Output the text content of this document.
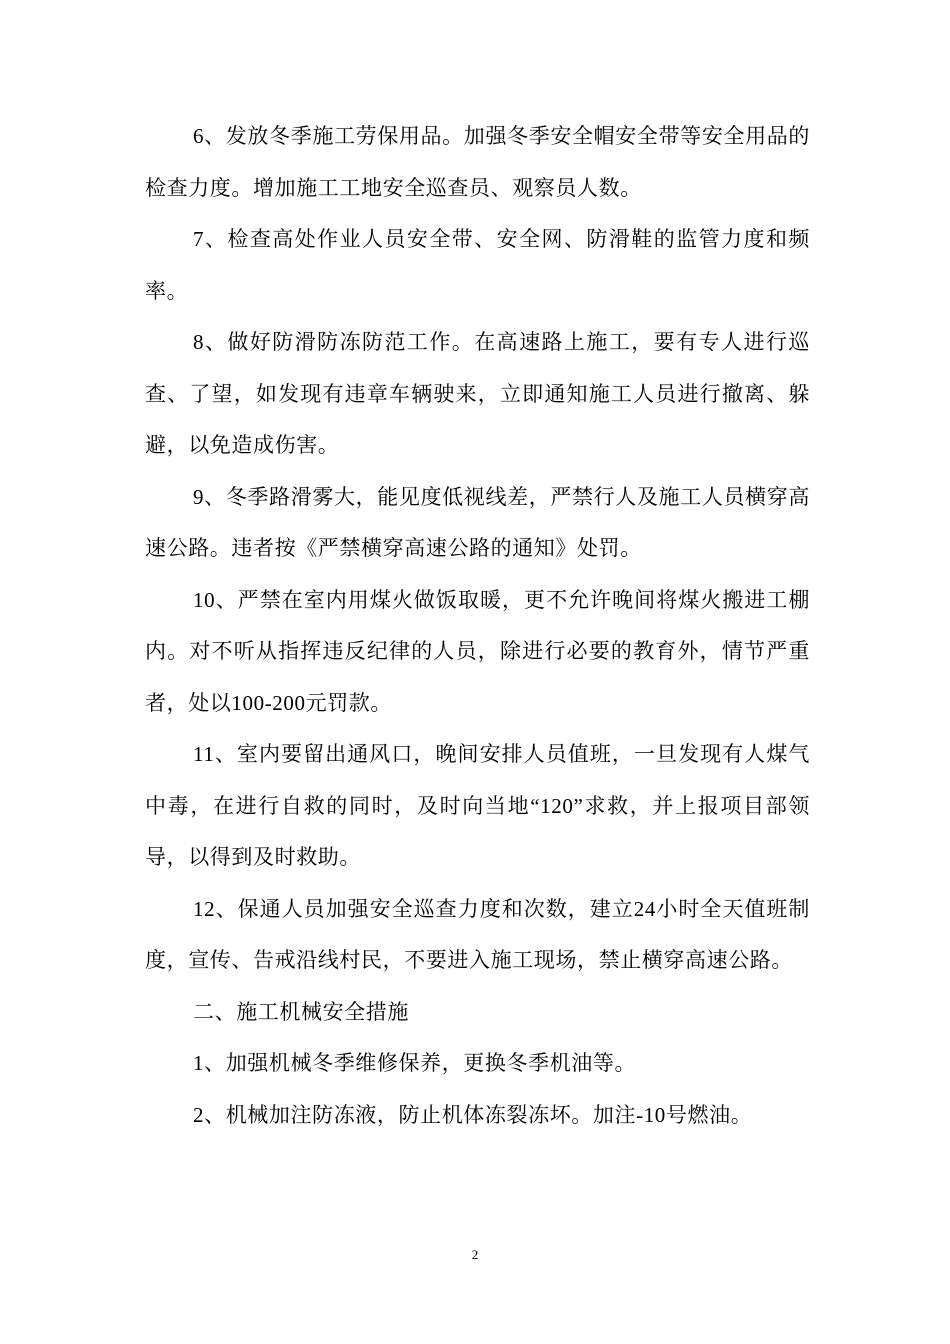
6、发放冬季施工劳保用品。加强冬季安全帽安全带等安全用品的检查力度。增加施工工地安全巡查员、观察员人数。

7、检查高处作业人员安全带、安全网、防滑鞋的监管力度和频率。

8、做好防滑防冻防范工作。在高速路上施工，要有专人进行巡查、了望，如发现有违章车辆驶来，立即通知施工人员进行撤离、躲避，以免造成伤害。

9、冬季路滑雾大，能见度低视线差，严禁行人及施工人员横穿高速公路。违者按《严禁横穿高速公路的通知》处罚。

10、严禁在室内用煤火做饭取暖，更不允许晚间将煤火搬进工棚内。对不听从指挥违反纪律的人员，除进行必要的教育外，情节严重者，处以100-200元罚款。

11、室内要留出通风口，晚间安排人员值班，一旦发现有人煤气中毒，在进行自救的同时，及时向当地“120”求救，并上报项目部领导，以得到及时救助。

12、保通人员加强安全巡查力度和次数，建立24小时全天值班制度，宣传、告戒沿线村民，不要进入施工现场，禁止横穿高速公路。

二、施工机械安全措施

1、加强机械冬季维修保养，更换冬季机油等。

2、机械加注防冻液，防止机体冻裂冻坏。加注-10号燃油。

2
